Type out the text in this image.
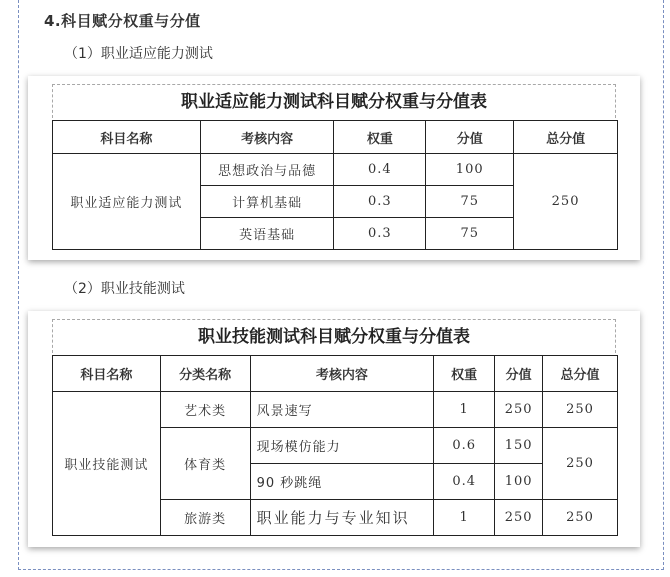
4.科目赋分权重与分值
（1）职业适应能力测试
职业适应能力测试科目赋分权重与分值表
科目名称	考核内容	权重	分值	总分值
职业适应能力测试	思想政治与品德	0.4	100	250
	计算机基础	0.3	75	
	英语基础	0.3	75	
（2）职业技能测试
职业技能测试科目赋分权重与分值表
科目名称	分类名称	考核内容	权重	分值	总分值
职业技能测试	艺术类	风景速写	1	250	250
	体育类	现场模仿能力	0.6	150	250
		90 秒跳绳	0.4	100	
	旅游类	职业能力与专业知识	1	250	250
